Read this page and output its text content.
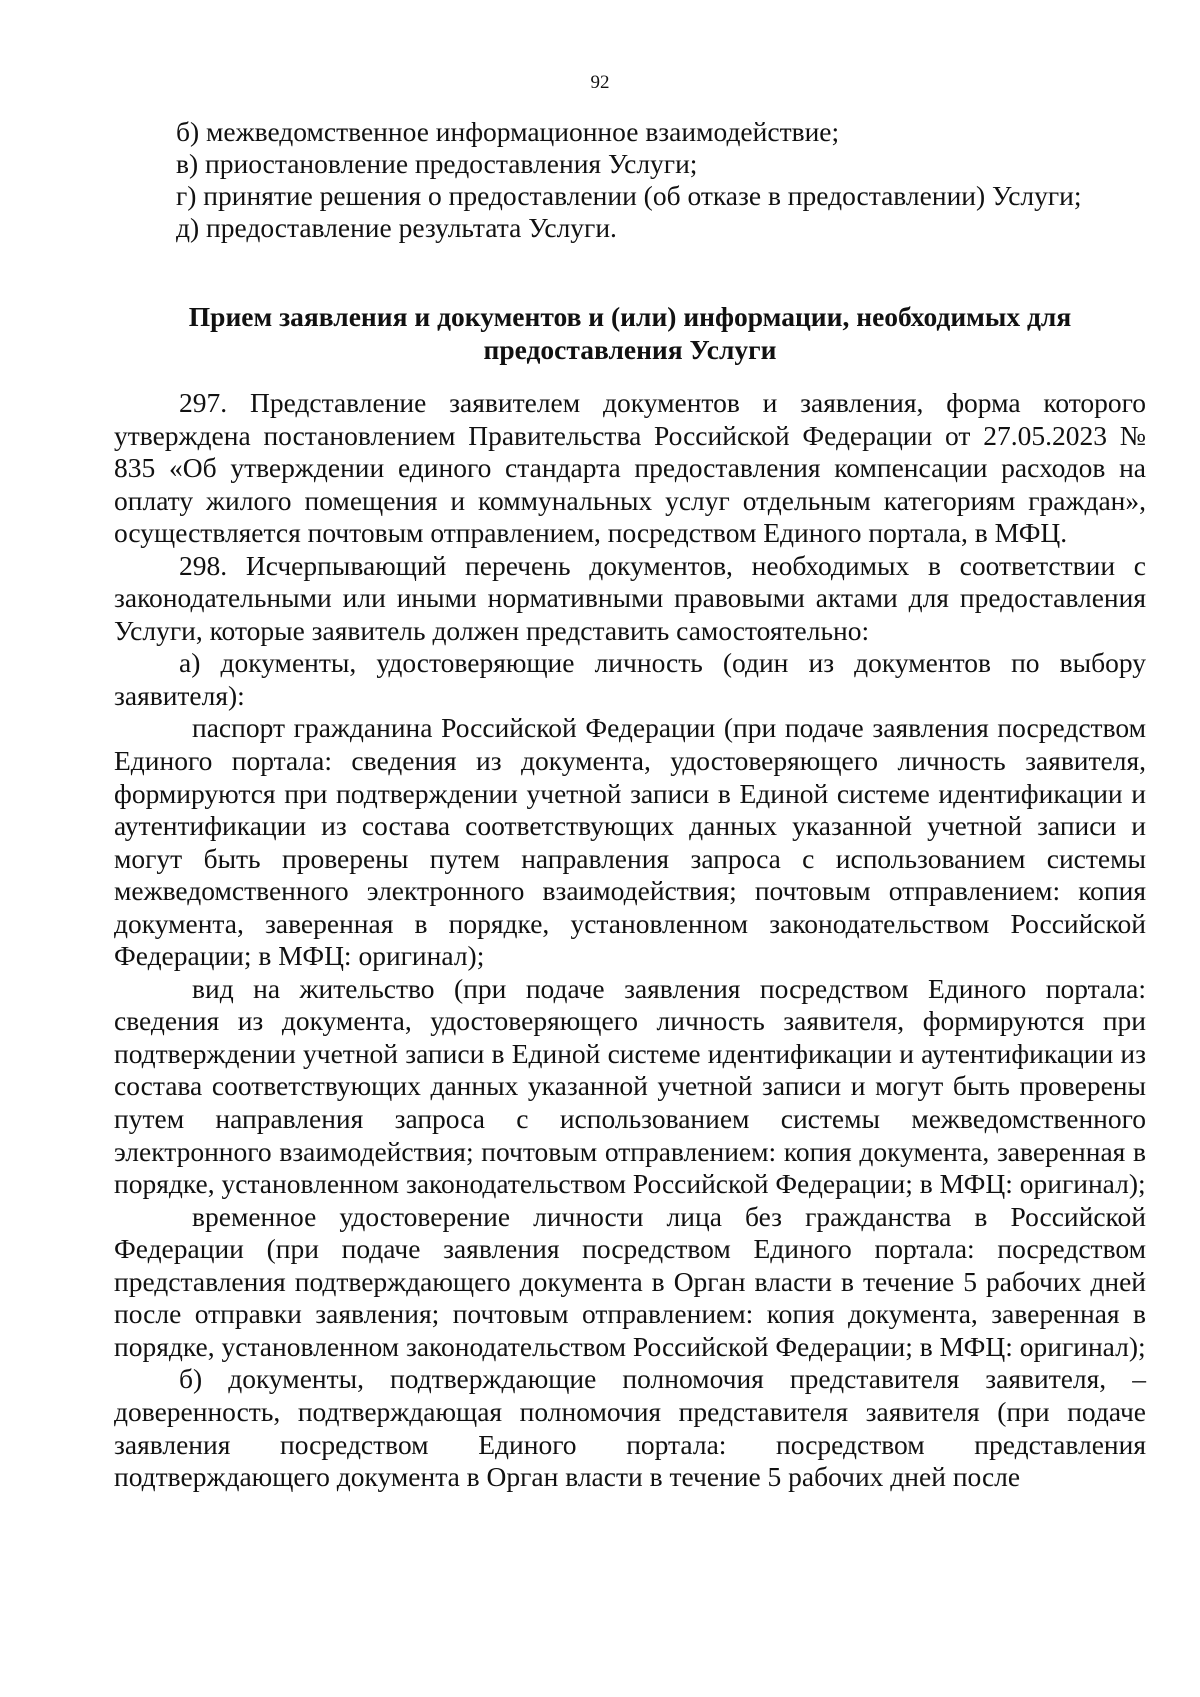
92

б) межведомственное информационное взаимодействие;

в) приостановление предоставления Услуги;

г) принятие решения о предоставлении (об отказе в предоставлении) Услуги;

д) предоставление результата Услуги.

Прием заявления и документов и (или) информации, необходимых для
предоставления Услуги

297. Представление заявителем документов и заявления, форма которого утверждена постановлением Правительства Российской Федерации от 27.05.2023 № 835 «Об утверждении единого стандарта предоставления компенсации расходов на оплату жилого помещения и коммунальных услуг отдельным категориям граждан», осуществляется почтовым отправлением, посредством Единого портала, в МФЦ.

298. Исчерпывающий перечень документов, необходимых в соответствии с законодательными или иными нормативными правовыми актами для предоставления Услуги, которые заявитель должен представить самостоятельно:

а) документы, удостоверяющие личность (один из документов по выбору заявителя):

паспорт гражданина Российской Федерации (при подаче заявления посредством Единого портала: сведения из документа, удостоверяющего личность заявителя, формируются при подтверждении учетной записи в Единой системе идентификации и аутентификации из состава соответствующих данных указанной учетной записи и могут быть проверены путем направления запроса с использованием системы межведомственного электронного взаимодействия; почтовым отправлением: копия документа, заверенная в порядке, установленном законодательством Российской Федерации; в МФЦ: оригинал);

вид на жительство (при подаче заявления посредством Единого портала: сведения из документа, удостоверяющего личность заявителя, формируются при подтверждении учетной записи в Единой системе идентификации и аутентификации из состава соответствующих данных указанной учетной записи и могут быть проверены путем направления запроса с использованием системы межведомственного электронного взаимодействия; почтовым отправлением: копия документа, заверенная в порядке, установленном законодательством Российской Федерации; в МФЦ: оригинал);

временное удостоверение личности лица без гражданства в Российской Федерации (при подаче заявления посредством Единого портала: посредством представления подтверждающего документа в Орган власти в течение 5 рабочих дней после отправки заявления; почтовым отправлением: копия документа, заверенная в порядке, установленном законодательством Российской Федерации; в МФЦ: оригинал);

б) документы, подтверждающие полномочия представителя заявителя, – доверенность, подтверждающая полномочия представителя заявителя (при подаче заявления посредством Единого портала: посредством представления подтверждающего документа в Орган власти в течение 5 рабочих дней после
